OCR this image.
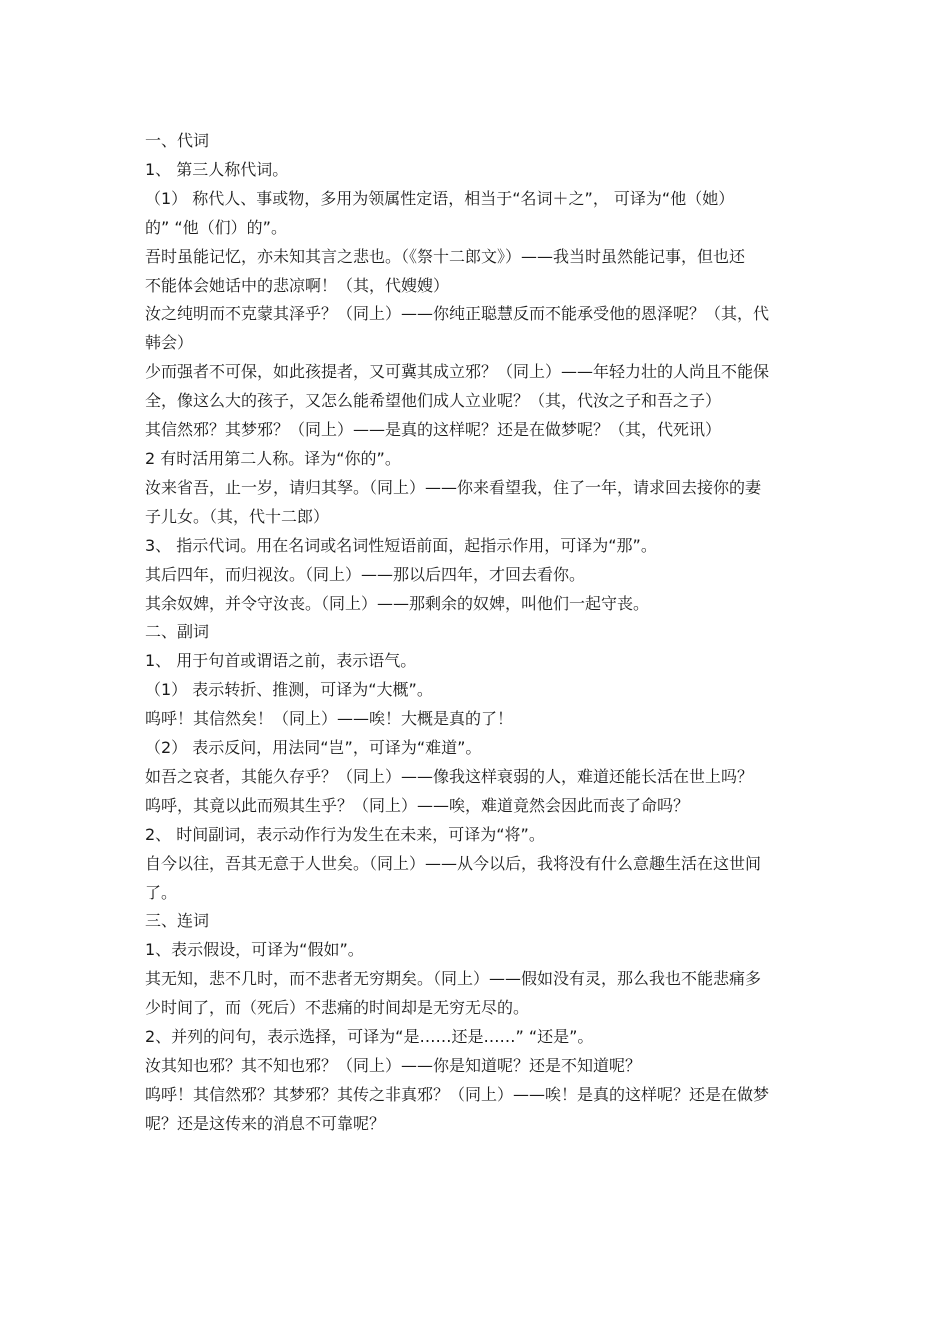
一、代词
1、 第三人称代词。
（1） 称代人、事或物，多用为领属性定语，相当于“名词＋之”， 可译为“他（她）
的” “他（们）的”。
吾时虽能记忆，亦未知其言之悲也。（《祭十二郎文》）——我当时虽然能记事，但也还
不能体会她话中的悲凉啊！（其，代嫂嫂）
汝之纯明而不克蒙其泽乎？（同上）——你纯正聪慧反而不能承受他的恩泽呢？（其，代
韩会）
少而强者不可保，如此孩提者，又可冀其成立邪？（同上）——年轻力壮的人尚且不能保
全，像这么大的孩子，又怎么能希望他们成人立业呢？（其，代汝之子和吾之子）
其信然邪？其梦邪？（同上）——是真的这样呢？还是在做梦呢？（其，代死讯）
2 有时活用第二人称。译为“你的”。
汝来省吾，止一岁，请归其孥。（同上）——你来看望我，住了一年，请求回去接你的妻
子儿女。（其，代十二郎）
3、 指示代词。用在名词或名词性短语前面，起指示作用，可译为“那”。
其后四年，而归视汝。（同上）——那以后四年，才回去看你。
其余奴婢，并令守汝丧。（同上）——那剩余的奴婢，叫他们一起守丧。
二、副词
1、 用于句首或谓语之前，表示语气。
（1） 表示转折、推测，可译为“大概”。
呜呼！其信然矣！（同上）——唉！大概是真的了！
（2） 表示反问，用法同“岂”，可译为“难道”。
如吾之哀者，其能久存乎？（同上）——像我这样衰弱的人，难道还能长活在世上吗？
呜呼，其竟以此而殒其生乎？（同上）——唉，难道竟然会因此而丧了命吗？
2、 时间副词，表示动作行为发生在未来，可译为“将”。
自今以往，吾其无意于人世矣。（同上）——从今以后，我将没有什么意趣生活在这世间
了。
三、连词
1、表示假设，可译为“假如”。
其无知，悲不几时，而不悲者无穷期矣。（同上）——假如没有灵，那么我也不能悲痛多
少时间了，而（死后）不悲痛的时间却是无穷无尽的。
2、并列的问句，表示选择，可译为“是……还是……” “还是”。
汝其知也邪？其不知也邪？（同上）——你是知道呢？还是不知道呢？
呜呼！其信然邪？其梦邪？其传之非真邪？（同上）——唉！是真的这样呢？还是在做梦
呢？还是这传来的消息不可靠呢？
